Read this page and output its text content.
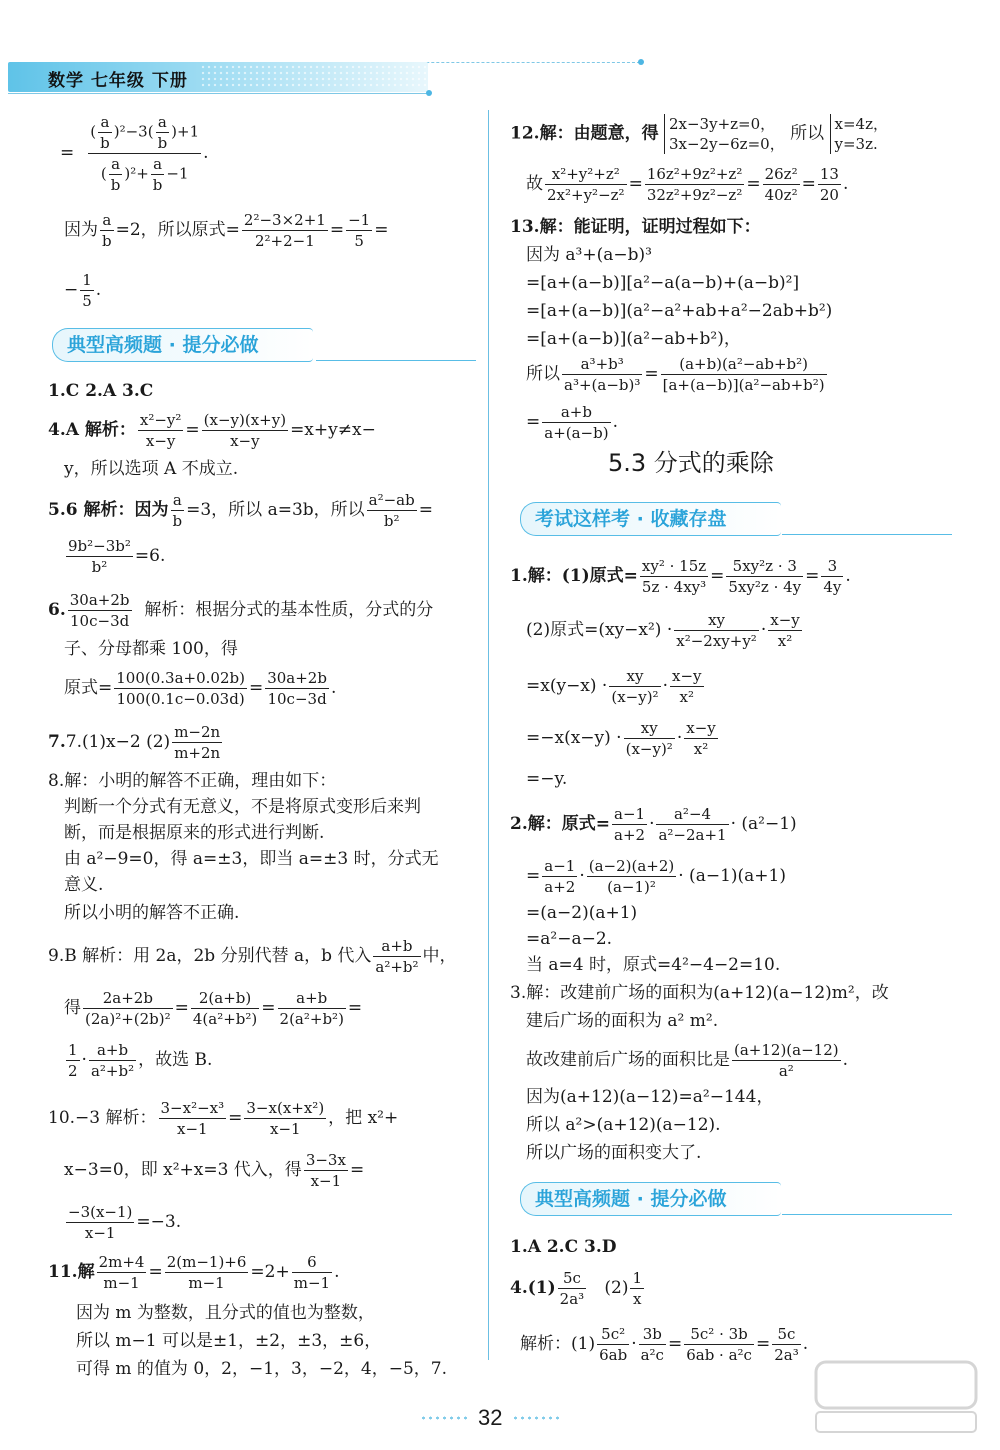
数学 七年级 下册
= $\frac{( \frac{a}{b} )^2-3( \frac{a}{b} )+1}{( \frac{a}{b} )^2+ \frac{a}{b} -1}$ .
因为 $\frac{a}{b} =2$，所以原式= $\frac{\text{2²−3×2+1}}{\text{2²+2−1}} = \frac{-1}{5}$ =
− $\frac{1}{5}$ .
典型高频题 · 提分必做
1.C 2.A 3.C
4.A 解析： $\frac{\text{x²−y²}}{x-y} = \frac{(x-y)(x+y)}{x-y} =x+y\ne x-$
y，所以选项 A 不成立.
5.6 解析：因为 $\frac{a}{b} =3$，所以 a=3b，所以 $\frac{\text{a²−ab}}{\text{b²}}$ =
$\frac{\text{9b²−3b²}}{\text{b²}} =6$.
6. $\frac{30a+2b}{10c-3d}$ 解析：根据分式的基本性质，分式的分
子、分母都乘 100，得
原式= $\frac{100(0.3a+0.02b)}{100(0.1c-0.03d)} = \frac{30a+2b}{10c-3d}$ .
7.7.(1)x−2 $(2) \frac{m-2n}{m+2n}$
8.解：小明的解答不正确，理由如下：
判断一个分式有无意义，不是将原式变形后来判
断，而是根据原来的形式进行判断.
由 a²−9=0，得 a=±3，即当 a=±3 时，分式无
意义.
所以小明的解答不正确.
9.B 解析：用 2a，2b 分别代替 a，b 代入 $\frac{a+b}{\text{a²+b²}}$ 中，
得 $\frac{2a+2b}{\text{(2a)²+(2b)²}} = \frac{2(a+b)}{\text{4(a²+b²)}} = \frac{a+b}{\text{2(a²+b²)}}$ =
$\frac{1}{2} \cdot \frac{a+b}{\text{a²+b²}}$ ，故选 B.
10.−3 解析： $\frac{\text{3−x²−x³}}{x-1} = \frac{\text{3−x(x+x²)}}{x-1}$ ，把 x²+
x−3=0，即 x²+x=3 代入，得 $\frac{3-3x}{x-1}$ =
$\frac{-3(x-1)}{x-1} =-3$.
11.解 $\frac{2m+4}{m-1} = \frac{2(m-1)+6}{m-1} =2+ \frac{6}{m-1}$ .
因为 m 为整数，且分式的值也为整数，
所以 m−1 可以是±1，±2，±3，±6，
可得 m 的值为 0，2，−1，3，−2，4，−5，7.
12.解：由题意，得 2x−3y+z=0，
3x−2y−6z=0，
所以 x=4z，
y=3z.
故 $\frac{\text{x²+y²+z²}}{\text{2x²+y²−z²}} = \frac{\text{16z²+9z²+z²}}{\text{32z²+9z²−z²}} = \frac{\text{26z²}}{\text{40z²}} = \frac{13}{20}$ .
13.解：能证明，证明过程如下：
因为 a³+(a−b)³
=[a+(a−b)][a²−a(a−b)+(a−b)²]
=[a+(a−b)](a²−a²+ab+a²−2ab+b²)
=[a+(a−b)](a²−ab+b²)，
所以 $\frac{\text{a³+b³}}{\text{a³+(a−b)³}} = \frac{\text{(a+b)(a²−ab+b²)}}{\text{[a+(a−b)](a²−ab+b²)}}$
= $\frac{a+b}{a+(a-b)}$ .
5.3 分式的乘除
考试这样考 · 收藏存盘
1.解：(1)原式= $\frac{\text{xy² · 15z}}{\text{5z · 4xy³}} = \frac{\text{5xy²z · 3}}{\text{5xy²z · 4y}} = \frac{3}{4y}$ .
(2)原式$=(xy-x^2) \cdot \frac{xy}{\text{x²−2xy+y²}} \cdot \frac{x-y}{\text{x²}}$
$=x(y-x) \cdot \frac{xy}{\text{(x−y)²}} \cdot \frac{x-y}{\text{x²}}$
$=-x(x-y) \cdot \frac{xy}{\text{(x−y)²}} \cdot \frac{x-y}{\text{x²}}$
=−y.
2.解：原式= $\frac{a-1}{a+2} \cdot \frac{\text{a²−4}}{\text{a²−2a+1}} \cdot (a^2-1)$
= $\frac{a-1}{a+2} \cdot \frac{(a-2)(a+2)}{\text{(a−1)²}} \cdot (a-1)(a+1)$
=(a−2)(a+1)
=a²−a−2.
当 a=4 时，原式=4²−4−2=10.
3.解：改建前广场的面积为(a+12)(a−12)m²，改
建后广场的面积为 a² m².
故改建前后广场的面积比是 $\frac{(a+12)(a-12)}{\text{a²}}$ .
因为(a+12)(a−12)=a²−144，
所以 a²>(a+12)(a−12).
所以广场的面积变大了.
典型高频题 · 提分必做
1.A 2.C 3.D
$4.(1) \frac{5c}{\text{2a³}} (2) \frac{1}{x}$
解析：$(1) \frac{\text{5c²}}{6ab} \cdot \frac{3b}{\text{a²c}} = \frac{\text{5c² · 3b}}{\text{6ab · a²c}} = \frac{5c}{\text{2a³}}$ .
32
